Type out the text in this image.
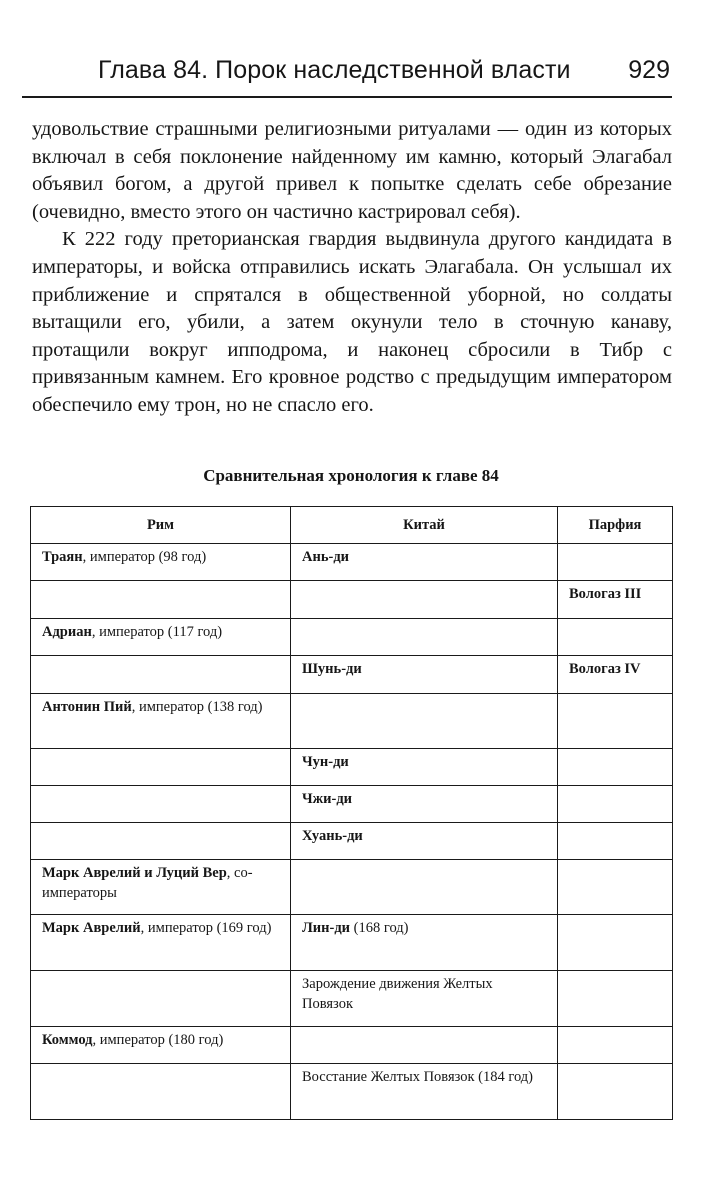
Глава 84. Порок наследственной власти 929

удовольствие страшными религиозными ритуалами — один из которых включал в себя поклонение найденному им камню, который Элагабал объявил богом, а другой привел к попытке сделать себе обрезание (очевидно, вместо этого он частично кастрировал себя).

К 222 году преторианская гвардия выдвинула другого кандидата в императоры, и войска отправились искать Элагабала. Он услышал их приближение и спрятался в общественной уборной, но солдаты вытащили его, убили, а затем окунули тело в сточную канаву, протащили вокруг ипподрома, и наконец сбросили в Тибр с привязанным камнем. Его кровное родство с предыдущим императором обеспечило ему трон, но не спасло его.

Сравнительная хронология к главе 84
Рим	Китай	Парфия
Траян, император (98 год)	Ань-ди	
		Вологаз III
Адриан, император (117 год)		
	Шунь-ди	Вологаз IV
Антонин Пий, император (138 год)		
	Чун-ди	
	Чжи-ди	
	Хуань-ди	
Марк Аврелий и Луций Вер, соимператоры		
Марк Аврелий, император (169 год)	Лин-ди (168 год)	
	Зарождение движения Желтых Повязок	
Коммод, император (180 год)		
	Восстание Желтых Повязок (184 год)	
